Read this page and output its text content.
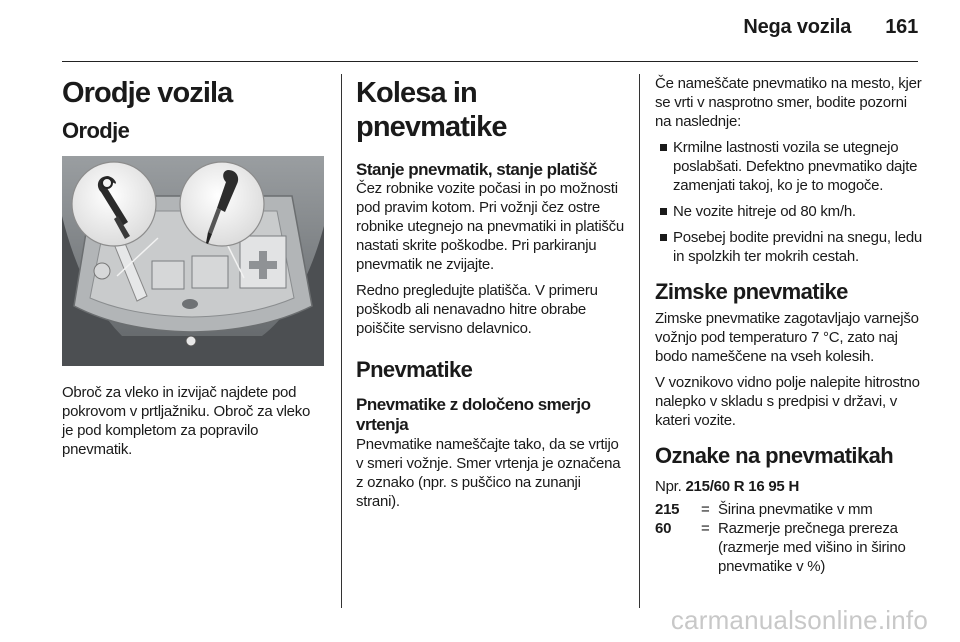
Nega vozila 161
Orodje vozila
Orodje

Obroč za vleko in izvijač najdete pod pokrovom v prtljažniku. Obroč za vleko je pod kompletom za popravilo pnevmatik.

Kolesa in pnevmatike
Stanje pnevmatik, stanje platišč

Čez robnike vozite počasi in po možnosti pod pravim kotom. Pri vožnji čez ostre robnike utegnejo na pnevmatiki in platišču nastati skrite poškodbe. Pri parkiranju pnevmatik ne zvijajte.

Redno pregledujte platišča. V primeru poškodb ali nenavadno hitre obrabe poiščite servisno delavnico.

Pnevmatike
Pnevmatike z določeno smerjo vrtenja

Pnevmatike nameščajte tako, da se vrtijo v smeri vožnje. Smer vrtenja je označena z oznako (npr. s puščico na zunanji strani).

Če nameščate pnevmatiko na mesto, kjer se vrti v nasprotno smer, bodite pozorni na naslednje:

Krmilne lastnosti vozila se utegnejo poslabšati. Defektno pnevmatiko dajte zamenjati takoj, ko je to mogoče.
Ne vozite hitreje od 80 km/h.
Posebej bodite previdni na snegu, ledu in spolzkih ter mokrih cestah.
Zimske pnevmatike

Zimske pnevmatike zagotavljajo varnejšo vožnjo pod temperaturo 7 °C, zato naj bodo nameščene na vseh kolesih.

V voznikovo vidno polje nalepite hitrostno nalepko v skladu s predpisi v državi, v kateri vozite.

Oznake na pnevmatikah
Npr. 215/60 R 16 95 H
215	= Širina pnevmatike v mm
60	= Razmerje prečnega prereza (razmerje med višino in širino pnevmatike v %)
carmanualsonline.info
